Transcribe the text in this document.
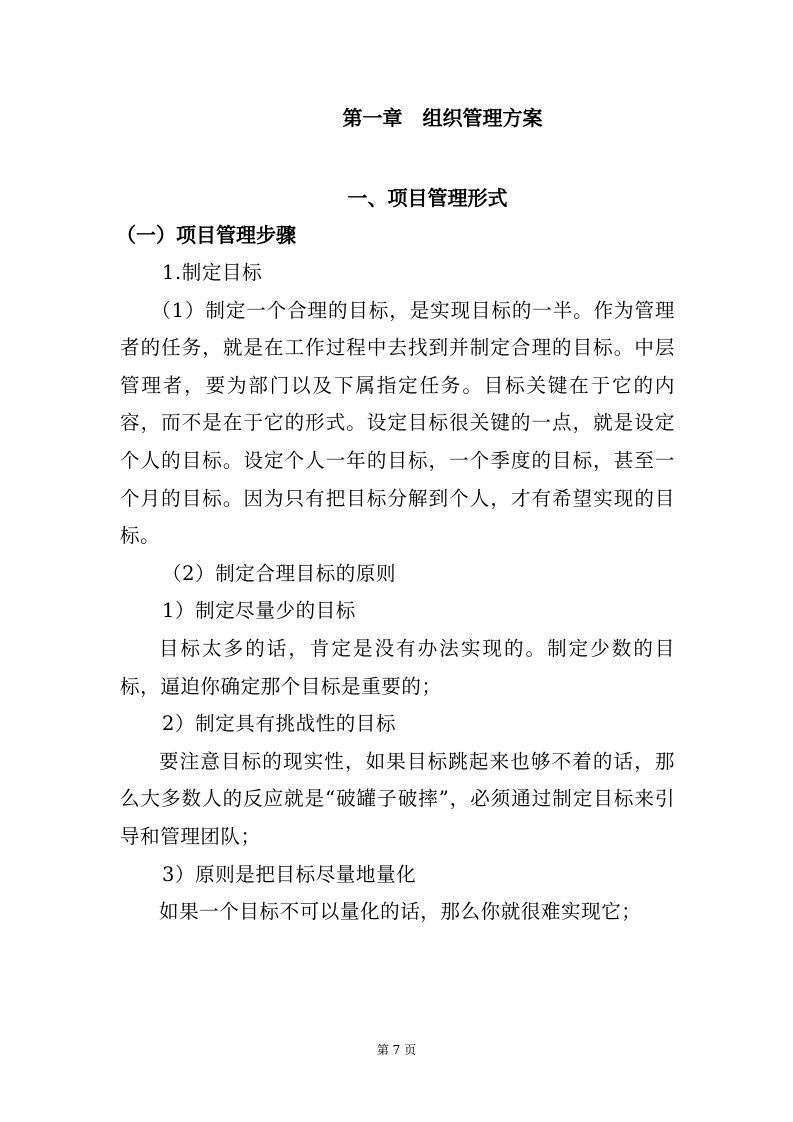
第一章　组织管理方案
一、项目管理形式
（一）项目管理步骤

1.制定目标

（1）制定一个合理的目标，是实现目标的一半。作为管理者的任务，就是在工作过程中去找到并制定合理的目标。中层管理者，要为部门以及下属指定任务。目标关键在于它的内容，而不是在于它的形式。设定目标很关键的一点，就是设定个人的目标。设定个人一年的目标，一个季度的目标，甚至一个月的目标。因为只有把目标分解到个人，才有希望实现的目标。

（2）制定合理目标的原则

1）制定尽量少的目标

目标太多的话，肯定是没有办法实现的。制定少数的目标，逼迫你确定那个目标是重要的；

2）制定具有挑战性的目标

要注意目标的现实性，如果目标跳起来也够不着的话，那么大多数人的反应就是“破罐子破摔”，必须通过制定目标来引导和管理团队；

3）原则是把目标尽量地量化

如果一个目标不可以量化的话，那么你就很难实现它；

第 7 页
